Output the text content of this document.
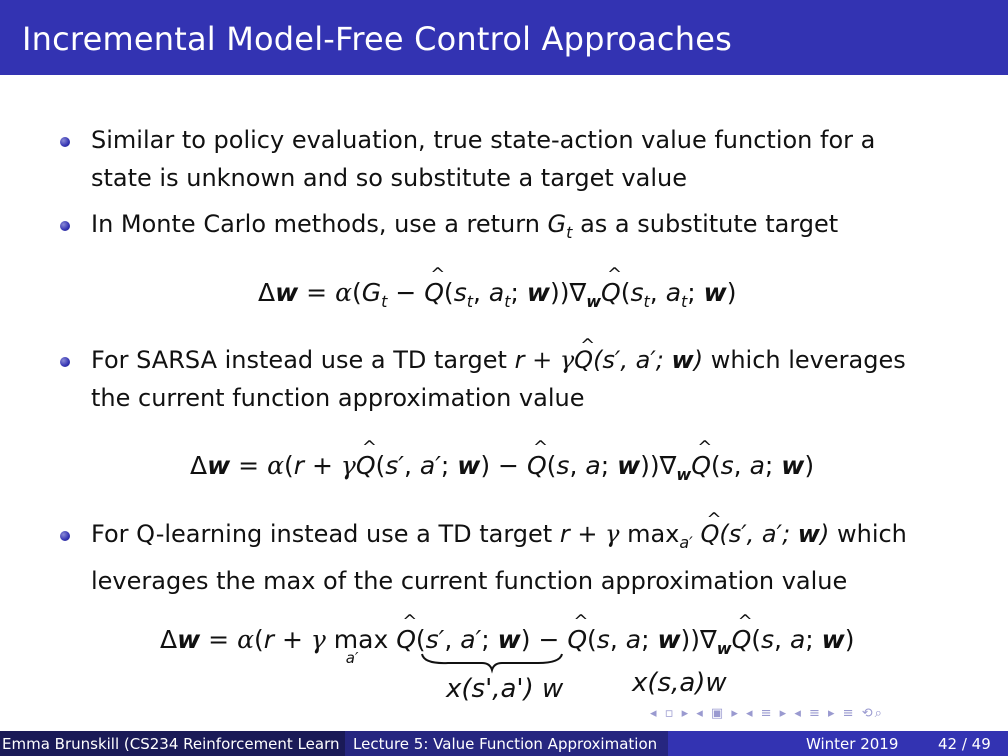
Incremental Model-Free Control Approaches
Similar to policy evaluation, true state-action value function for a
state is unknown and so substitute a target value
In Monte Carlo methods, use a return $G_t$ as a substitute target
$\Delta w = \alpha(G_t$ − ^ $Q(s_t$, $a_t$; $w))\nabla_w\^{}$ $Q(s_t$, $a_t$; w)
For SARSA instead use a TD target r + γ^ Q(s′, a′; w) which leverages
the current function approximation value
Δw = α(r + γ^ Q(s′, a′; w) − ^ Q(s, a; $w))\nabla_w\^{}$ Q(s, a; w)
For Q-learning instead use a TD target r + γ $\max_{a'}$ ^ Q(s′, a′; w) which
leverages the max of the current function approximation value
Δw = α(r + γ max
a′
^ Q(s′, a′; w) − ^ Q(s, a; $w))\nabla_w\^{}$ Q(s, a; w)
x(s',a') w	x(s,a)w
◂ ▫ ▸ ◂ ▣ ▸ ◂ ≡ ▸ ◂ ≡ ▸ ≡ ⟲⌕
Emma Brunskill (CS234 Reinforcement Learn Lecture 5: Value Function Approximation	Winter 2019	42 / 49
